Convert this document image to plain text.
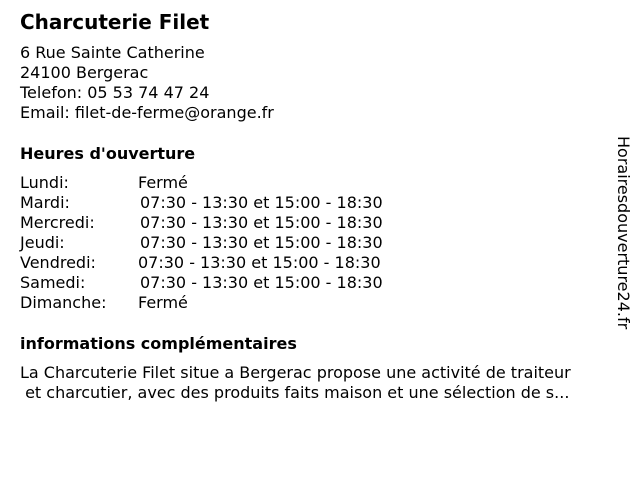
Charcuterie Filet
6 Rue Sainte Catherine
24100 Bergerac
Telefon: 05 53 74 47 24
Email: filet-de-ferme@orange.fr
Heures d'ouverture
Lundi:	Fermé
Mardi:	07:30 - 13:30 et 15:00 - 18:30
Mercredi:	07:30 - 13:30 et 15:00 - 18:30
Jeudi:	07:30 - 13:30 et 15:00 - 18:30
Vendredi:	07:30 - 13:30 et 15:00 - 18:30
Samedi:	07:30 - 13:30 et 15:00 - 18:30
Dimanche: Fermé
informations complémentaires
La Charcuterie Filet situe a Bergerac propose une activité de traiteur
et charcutier, avec des produits faits maison et une sélection de s...
Horairesdouverture24.fr
